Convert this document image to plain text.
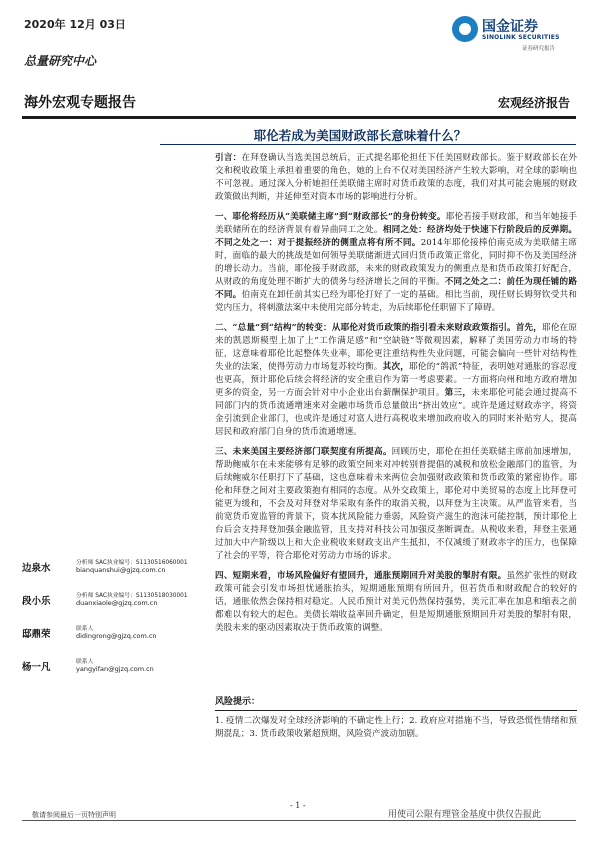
2020年 12月 03日
总量研究中心
国金证券
SINOLINK SECURITIES
证券研究报告
海外宏观专题报告	宏观经济报告
耶伦若成为美国财政部长意味着什么？

引言：在拜登确认当选美国总统后，正式提名耶伦担任下任美国财政部长。鉴于财政部长在外交和税收政策上承担着重要的角色，她的上台不仅对美国经济产生较大影响，对全球的影响也不可忽视。通过深入分析她担任美联储主席时对货币政策的态度，我们对其可能会施展的财政政策做出判断，并延伸至对资本市场的影响进行分析。

一、耶伦将经历从“美联储主席”到“财政部长”的身份转变。耶伦若接手财政部，和当年她接手美联储所在的经济背景有着异曲同工之处。相同之处：经济均处于快速下行阶段后的反弹期。不同之处之一：对于提振经济的侧重点将有所不同。2014年耶伦接棒伯南克成为美联储主席时，面临的最大的挑战是如何领导美联储渐进式回归货币政策正常化，同时抑不伤及美国经济的增长动力。当前，耶伦接手财政部，未来的财政政策发力的侧重点是和货币政策打好配合，从财政的角度处理不断扩大的债务与经济增长之间的平衡。不同之处之二：前任为现任铺的路不同。伯南克在卸任前其实已经为耶伦打好了一定的基础。相比当前，现任财长姆努钦受共和党内压力，将刺激法案中未使用完部分转走，为后续耶伦任职留下了障碍。

二、“总量”到“结构”的转变：从耶伦对货币政策的指引看未来财政政策指引。首先，耶伦在原来的凯恩斯模型上加了上“工作满足感”和“空缺链”等微观因素，解释了美国劳动力市场的特征，这意味着耶伦比起整体失业率，耶伦更注重结构性失业问题，可能会偏向一些针对结构性失业的法案，使得劳动力市场复苏较均衡。其次，耶伦的“鸽派”特征，表明她对通胀的容忍度也更高，预计耶伦后续会将经济的安全重启作为第一考虑要素。一方面将向州和地方政府增加更多的资金，另一方面会针对中小企业出台薪酬保护项目。第三，未来耶伦可能会通过提高不同部门内的货币流通增速来对金融市场货币总量做出“挤出效应”。或许是通过财政赤字，将资金引流到企业部门，也或许是通过对富人进行高税收来增加政府收入的同时来补贴穷人，提高居民和政府部门自身的货币流通增速。

三、未来美国主要经济部门联契度有所提高。回顾历史，耶伦在担任美联储主席前加速增加，帮助鲍威尔在未来能够有足够的政策空间来对冲转别普提倡的减税和放松金融部门的监管，为后续鲍威尔任职打下了基础，这也意味着未来两位会加强财政政策和货币政策的紧密协作。耶伦和拜登之间对主要政策抱有相同的态度。从外交政策上，耶伦对中美贸易的态度上比拜登可能更为缓和，不会及对拜登对华采取有条件的取消关税，以拜登为主决策。从严监管来看，当前宽货币宽监管的背景下，资本扰风险能力垂弱，风险资产滋生的泡沫可能控制，预计耶伦上台后会支持拜登加强金融监管，且支持对科技公司加强反垄断调查。从税收来看，拜登主张通过加大中产阶级以上和大企业税收来财政支出产生抵扣，不仅减缓了财政赤字的压力，也保障了社会的平等，符合耶伦对劳动力市场的诉求。

四、短期来看，市场风险偏好有望回升，通胀预期回升对美股的掣肘有限。虽然扩张性的财政政策可能会引发市场担忧通胀抬头，短期通胀预期有所回升，但若货币和财政配合的较好的话，通胀依然会保持相对稳定。人民币预计对美元仍然保持强势，美元汇率在加息和缩表之前都难以有较大的起色。美债长端收益率回升确定，但是短期通胀预期回升对美股的掣肘有限，美股未来的驱动因素取决于货币政策的调整。

边泉水	分析师 SAC执业编号：S1130516060001
bianquanshui@gjzq.com.cn
段小乐	分析师 SAC执业编号：S1130518030001
duanxiaole@gjzq.com.cn
邸鼎荣	联系人
didingrong@gjzq.com.cn
杨一凡	联系人
yangyifan@gjzq.com.cn
风险提示：
1. 疫情二次爆发对全球经济影响的不确定性上行；2. 政府应对措施不当，导致恐慌性情绪和预期混乱；3. 货币政策收紧超预期，风险资产波动加剧。
敬请参阅最后一页特别声明
- 1 -
用使司公限有理管金基度中供仅告报此
